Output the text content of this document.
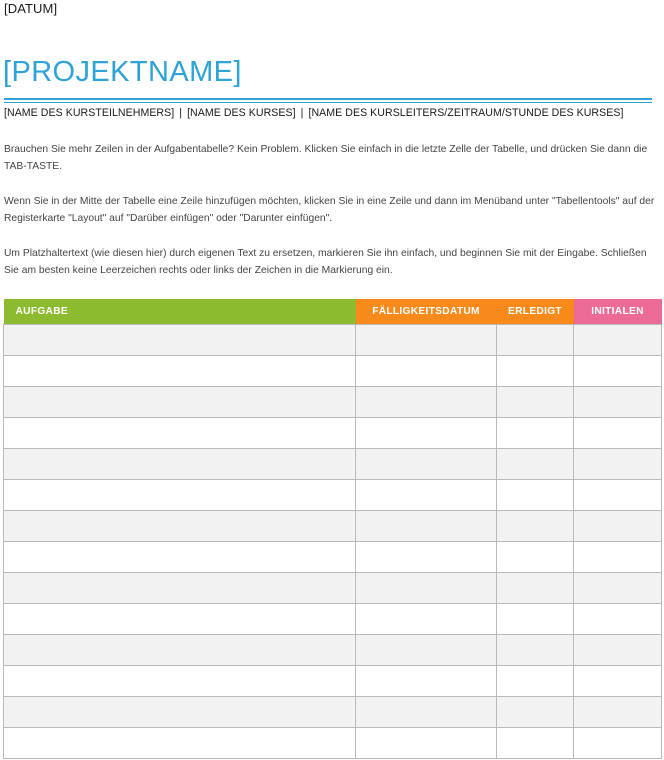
[DATUM]
[PROJEKTNAME]
[NAME DES KURSTEILNEHMERS] | [NAME DES KURSES] | [NAME DES KURSLEITERS/ZEITRAUM/STUNDE DES KURSES]

Brauchen Sie mehr Zeilen in der Aufgabentabelle? Kein Problem. Klicken Sie einfach in die letzte Zelle der Tabelle, und drücken Sie dann die TAB-TASTE.

Wenn Sie in der Mitte der Tabelle eine Zeile hinzufügen möchten, klicken Sie in eine Zeile und dann im Menüband unter "Tabellentools" auf der Registerkarte "Layout" auf "Darüber einfügen" oder "Darunter einfügen".

Um Platzhaltertext (wie diesen hier) durch eigenen Text zu ersetzen, markieren Sie ihn einfach, und beginnen Sie mit der Eingabe. Schließen Sie am besten keine Leerzeichen rechts oder links der Zeichen in die Markierung ein.

AUFGABE	FÄLLIGKEITSDATUM	ERLEDIGT	INITIALEN
